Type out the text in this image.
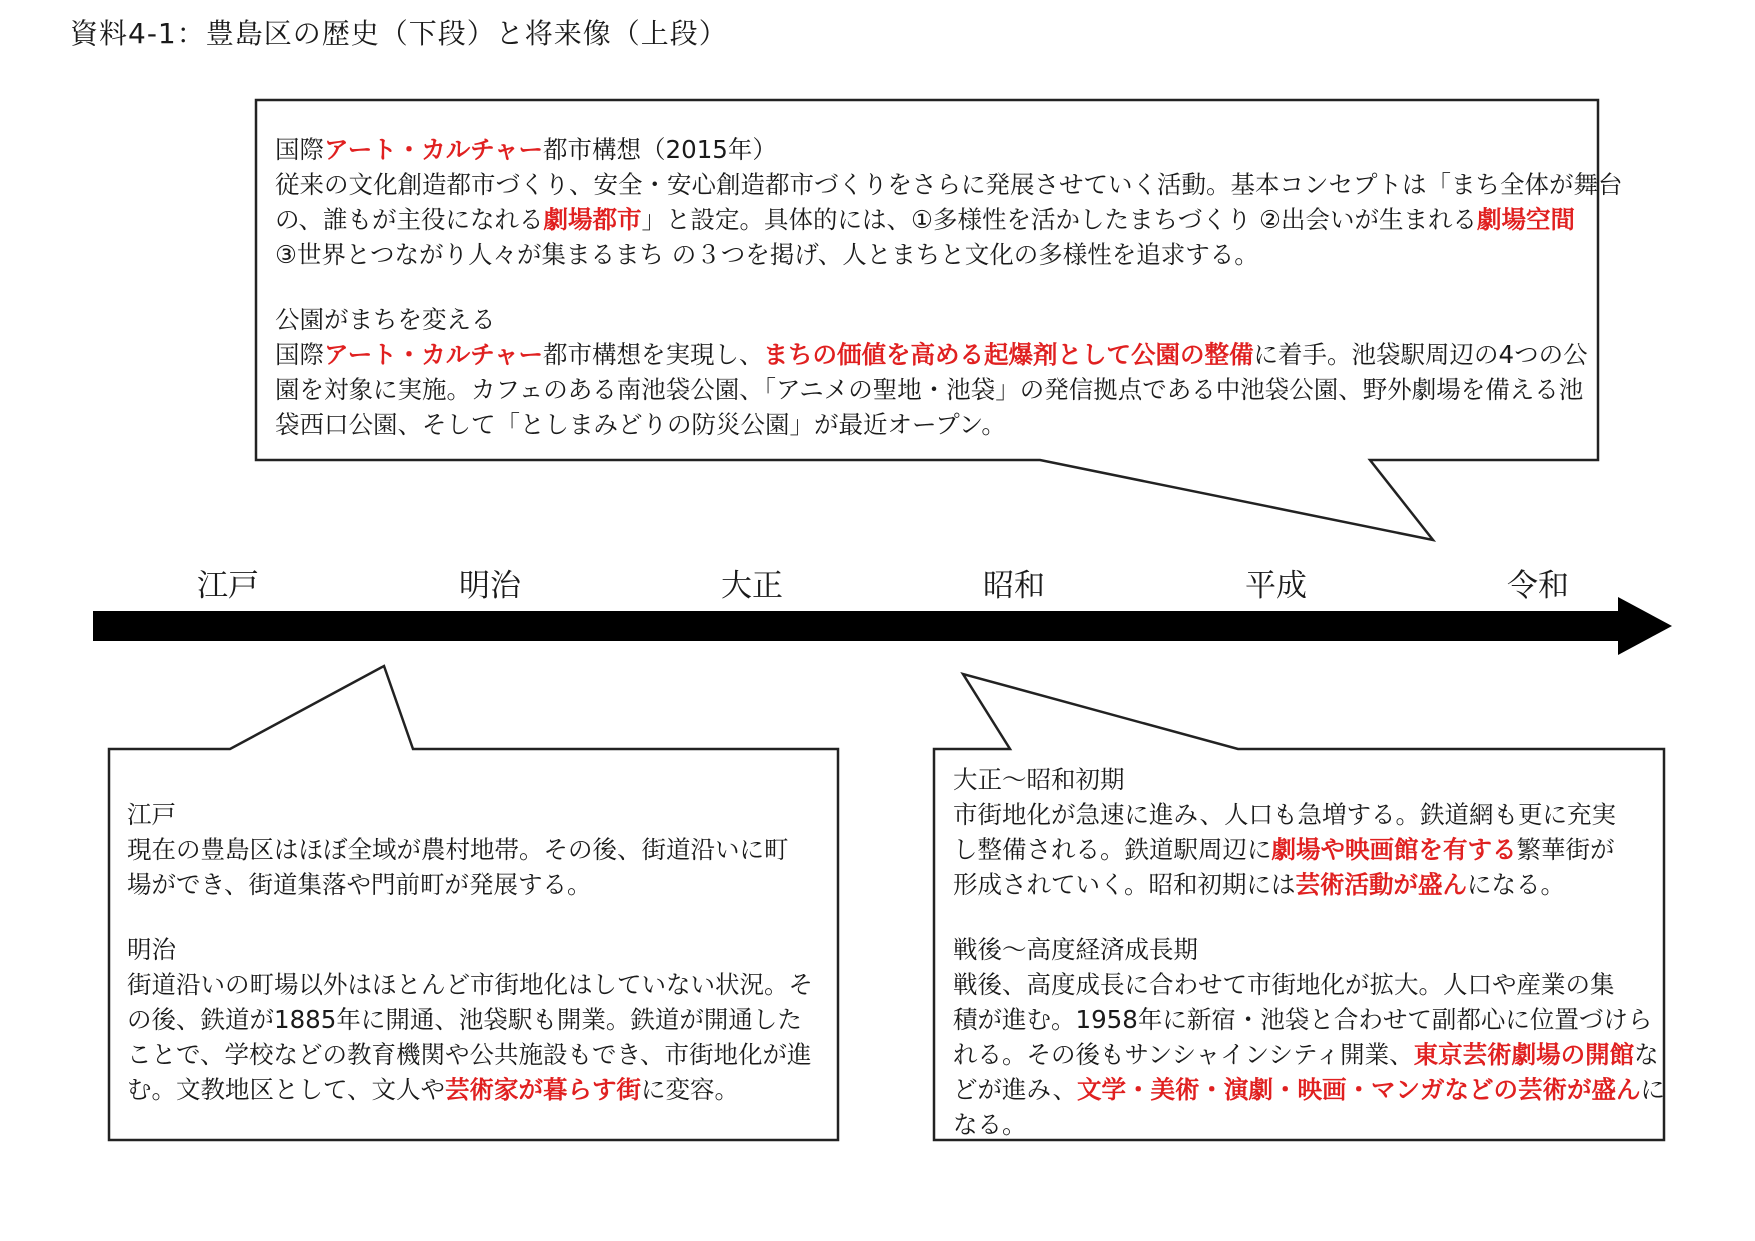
資料4-1：豊島区の歴史（下段）と将来像（上段）
江戸	明治	大正	昭和	平成	令和

国際アート・カルチャー都市構想（2015年）

従来の文化創造都市づくり、安全・安心創造都市づくりをさらに発展させていく活動。基本コンセプトは「まち全体が舞台

の、誰もが主役になれる劇場都市」と設定。具体的には、①多様性を活かしたまちづくり ②出会いが生まれる劇場空間

③世界とつながり人々が集まるまち の３つを掲げ、人とまちと文化の多様性を追求する。

公園がまちを変える

国際アート・カルチャー都市構想を実現し、まちの価値を高める起爆剤として公園の整備に着手。池袋駅周辺の4つの公

園を対象に実施。カフェのある南池袋公園、「アニメの聖地・池袋」の発信拠点である中池袋公園、野外劇場を備える池

袋西口公園、そして「としまみどりの防災公園」が最近オープン。

江戸

現在の豊島区はほぼ全域が農村地帯。その後、街道沿いに町

場ができ、街道集落や門前町が発展する。

明治

街道沿いの町場以外はほとんど市街地化はしていない状況。そ

の後、鉄道が1885年に開通、池袋駅も開業。鉄道が開通した

ことで、学校などの教育機関や公共施設もでき、市街地化が進

む。文教地区として、文人や芸術家が暮らす街に変容。

大正～昭和初期

市街地化が急速に進み、人口も急増する。鉄道網も更に充実

し整備される。鉄道駅周辺に劇場や映画館を有する繁華街が

形成されていく。昭和初期には芸術活動が盛んになる。

戦後～高度経済成長期

戦後、高度成長に合わせて市街地化が拡大。人口や産業の集

積が進む。1958年に新宿・池袋と合わせて副都心に位置づけら

れる。その後もサンシャインシティ開業、東京芸術劇場の開館な

どが進み、文学・美術・演劇・映画・マンガなどの芸術が盛んに

なる。
